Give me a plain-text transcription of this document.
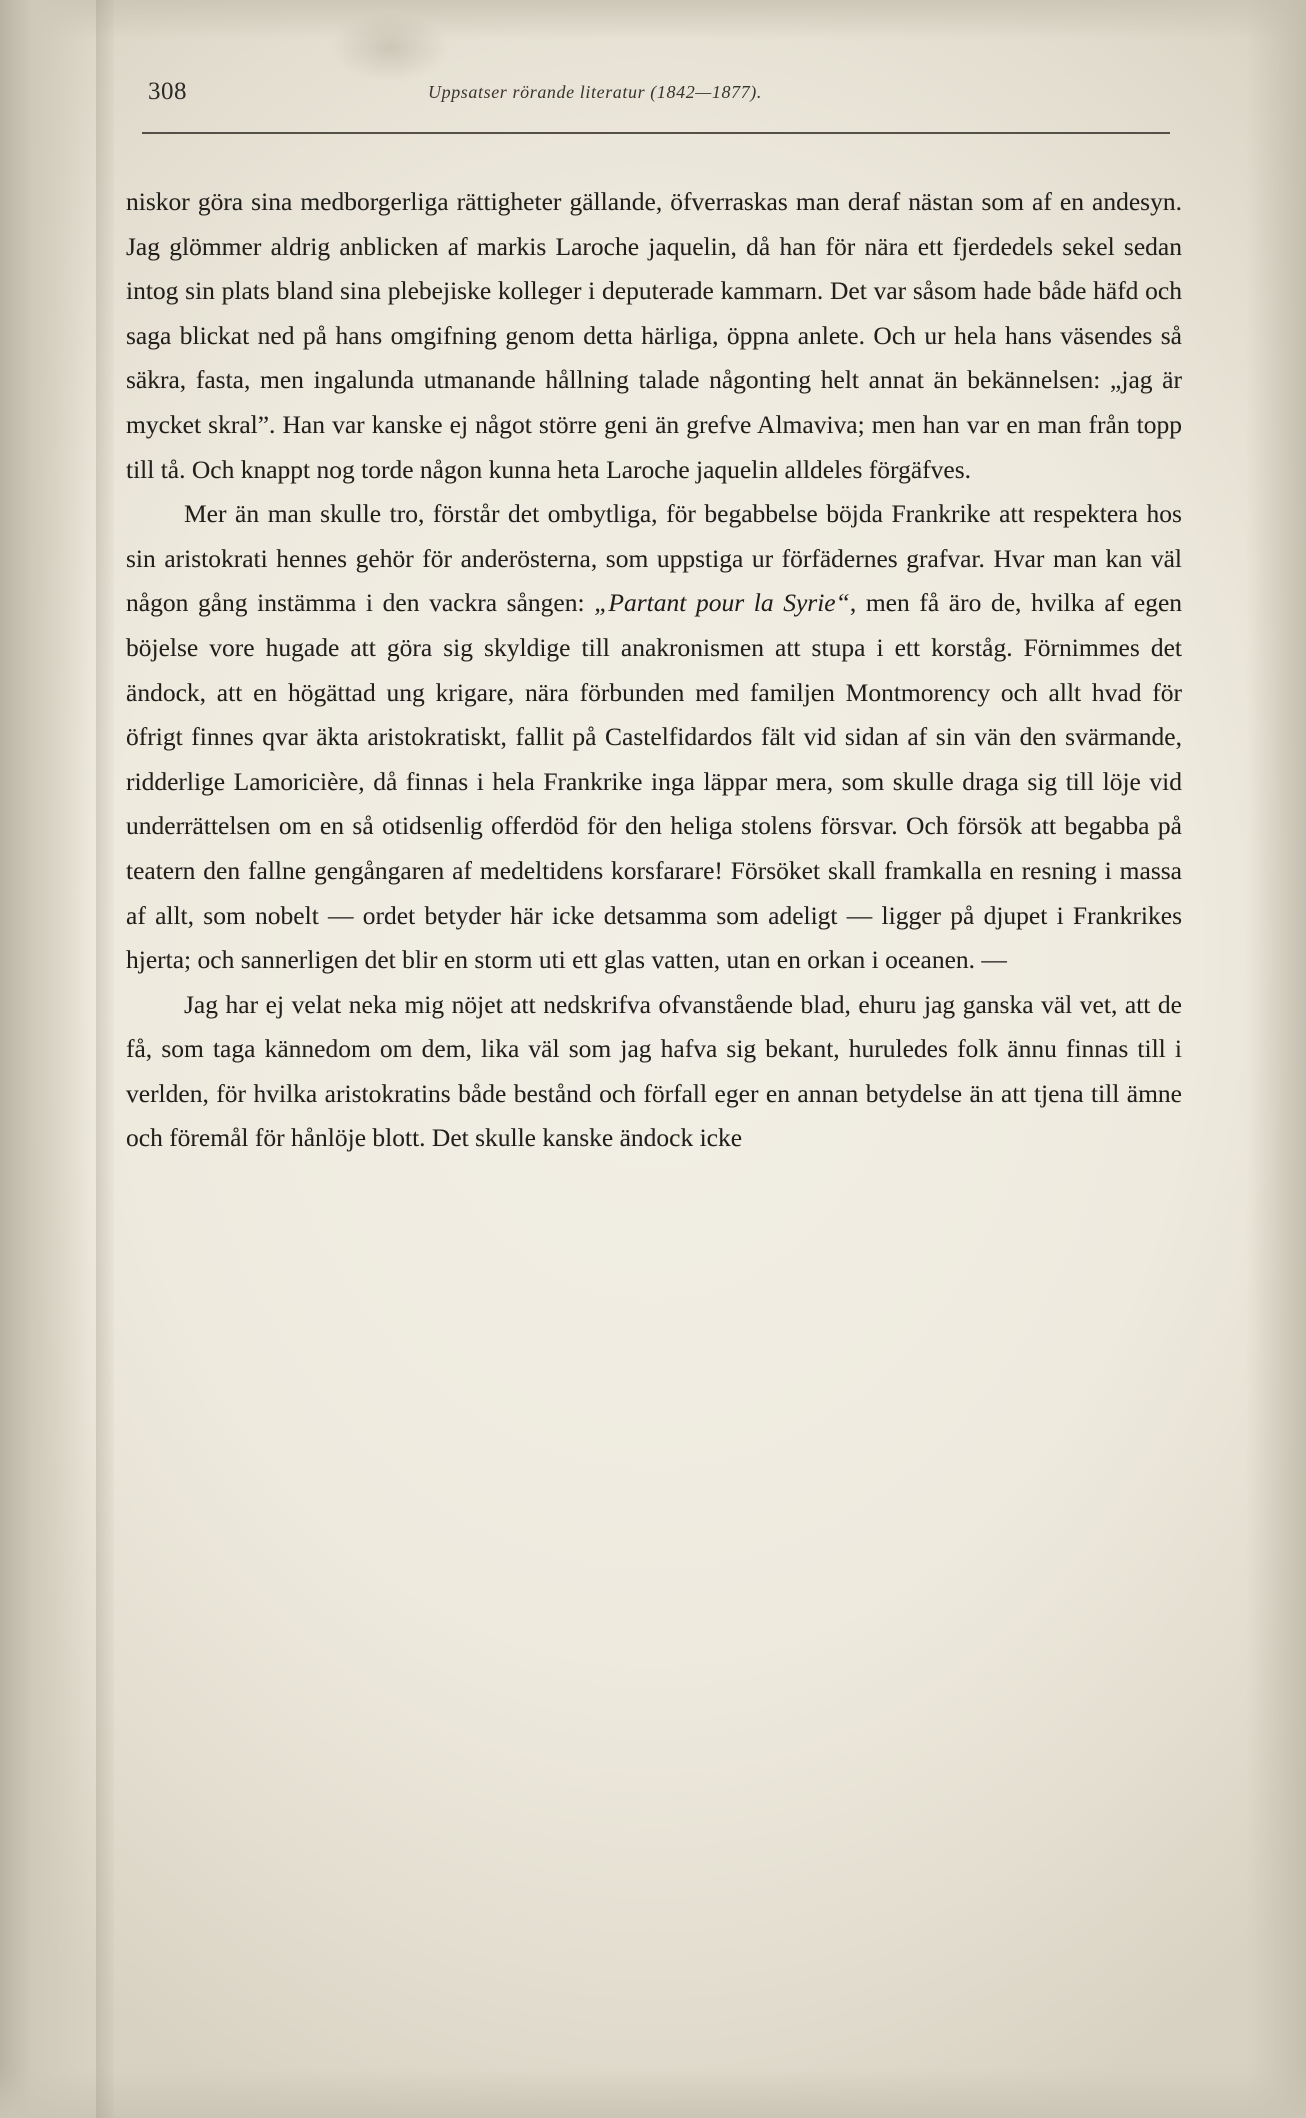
308	Uppsatser rörande literatur (1842—1877).

niskor göra sina medborgerliga rättigheter gällande, öfverraskas man deraf nästan som af en andesyn. Jag glömmer aldrig anblicken af markis Laroche jaquelin, då han för nära ett fjerdedels sekel sedan intog sin plats bland sina plebejiske kolleger i deputerade kammarn. Det var såsom hade både häfd och saga blickat ned på hans omgifning genom detta härliga, öppna anlete. Och ur hela hans väsendes så säkra, fasta, men ingalunda utmanande hållning talade någonting helt annat än bekännelsen: „jag är mycket skral”. Han var kanske ej något större geni än grefve Almaviva; men han var en man från topp till tå. Och knappt nog torde någon kunna heta Laroche jaquelin alldeles förgäfves.

Mer än man skulle tro, förstår det ombytliga, för begabbelse böjda Frankrike att respektera hos sin aristokrati hennes gehör för anderösterna, som uppstiga ur förfädernes grafvar. Hvar man kan väl någon gång instämma i den vackra sången: „Partant pour la Syrie“, men få äro de, hvilka af egen böjelse vore hugade att göra sig skyldige till anakronismen att stupa i ett korståg. Förnimmes det ändock, att en högättad ung krigare, nära förbunden med familjen Montmorency och allt hvad för öfrigt finnes qvar äkta aristokratiskt, fallit på Castelfidardos fält vid sidan af sin vän den svärmande, ridderlige Lamoricière, då finnas i hela Frankrike inga läppar mera, som skulle draga sig till löje vid underrättelsen om en så otidsenlig offerdöd för den heliga stolens försvar. Och försök att begabba på teatern den fallne gengångaren af medeltidens korsfarare! Försöket skall framkalla en resning i massa af allt, som nobelt — ordet betyder här icke detsamma som adeligt — ligger på djupet i Frankrikes hjerta; och sannerligen det blir en storm uti ett glas vatten, utan en orkan i oceanen. —

Jag har ej velat neka mig nöjet att nedskrifva ofvanstående blad, ehuru jag ganska väl vet, att de få, som taga kännedom om dem, lika väl som jag hafva sig bekant, huruledes folk ännu finnas till i verlden, för hvilka aristokratins både bestånd och förfall eger en annan betydelse än att tjena till ämne och föremål för hånlöje blott. Det skulle kanske ändock icke
